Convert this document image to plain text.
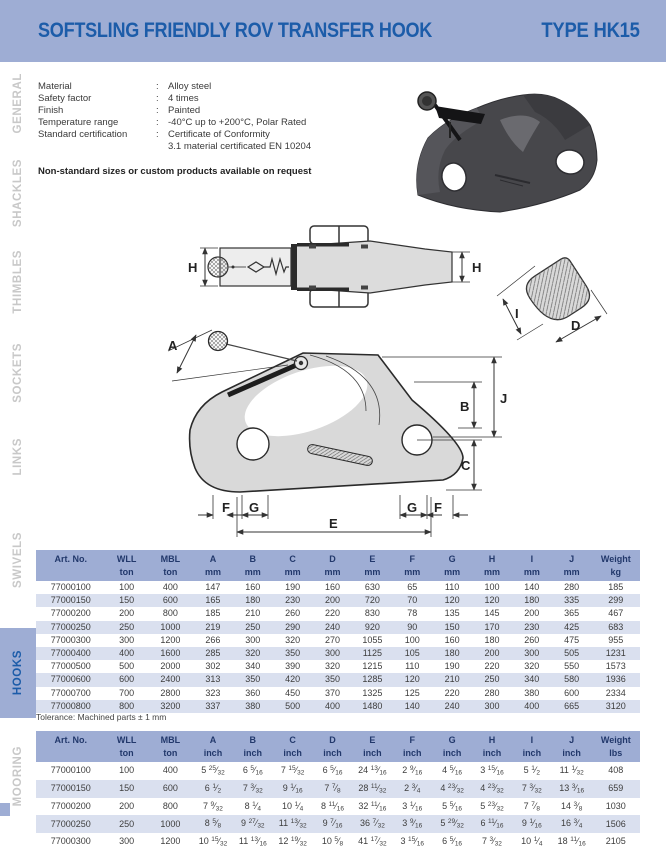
SOFTSLING FRIENDLY ROV TRANSFER HOOK	TYPE HK15
GENERAL
SHACKLES
THIMBLES
SOCKETS
LINKS
SWIVELS
HOOKS
MOORING
Material	: Alloy steel
Safety factor	: 4 times
Finish	: Painted
Temperature range	: -40°C up to +200°C, Polar Rated
Standard certification	: Certificate of Conformity
3.1 material certificated EN 10204
Non-standard sizes or custom products available on request
H	H
I
D
A
J
B
C
F G	G F
E
Art. No.	WLL	MBL	A	B	C	D	E	F	G	H	I	J	Weight
	ton	ton	mm	mm	mm	mm	mm	mm	mm	mm	mm	mm	kg
77000100	100	400	147	160	190	160	630	65	110	100	140	280	185
77000150	150	600	165	180	230	200	720	70	120	120	180	335	299
77000200	200	800	185	210	260	220	830	78	135	145	200	365	467
77000250	250	1000	219	250	290	240	920	90	150	170	230	425	683
77000300	300	1200	266	300	320	270	1055	100	160	180	260	475	955
77000400	400	1600	285	320	350	300	1125	105	180	200	300	505	1231
77000500	500	2000	302	340	390	320	1215	110	190	220	320	550	1573
77000600	600	2400	313	350	420	350	1285	120	210	250	340	580	1936
77000700	700	2800	323	360	450	370	1325	125	220	280	380	600	2334
77000800	800	3200	337	380	500	400	1480	140	240	300	400	665	3120
Tolerance: Machined parts ± 1 mm
Art. No.	WLL	MBL	A	B	C	D	E	F	G	H	I	J	Weight
	ton	ton	inch	inch	inch	inch	inch	inch	inch	inch	inch	inch	lbs
77000100	100	400	5 $^{25}⁄_{32}$	6 $^5⁄_{16}$	7 $^{15}⁄_{32}$	6 $^5⁄_{16}$	24 $^{13}⁄_{16}$	2 $^9⁄_{16}$	4 $^5⁄_{16}$	3 $^{15}⁄_{16}$	5 $^1⁄_2$	11 $^1⁄_{32}$	408
77000150	150	600	6 $^1⁄_2$	7 $^3⁄_{32}$	9 $^1⁄_{16}$	7 $^7⁄_8$	28 $^{11}⁄_{32}$	2 $^3⁄_4$	4 $^{23}⁄_{32}$	4 $^{23}⁄_{32}$	7 $^3⁄_{32}$	13 $^3⁄_{16}$	659
77000200	200	800	7 $^9⁄_{32}$	8 $^1⁄_4$	10 $^1⁄_4$	8 $^{11}⁄_{16}$	32 $^{11}⁄_{16}$	3 $^1⁄_{16}$	5 $^5⁄_{16}$	5 $^{23}⁄_{32}$	7 $^7⁄_8$	14 $^3⁄_8$	1030
77000250	250	1000	8 $^5⁄_8$	9 $^{27}⁄_{32}$	11 $^{13}⁄_{32}$	9 $^7⁄_{16}$	36 $^7⁄_{32}$	3 $^9⁄_{16}$	5 $^{29}⁄_{32}$	6 $^{11}⁄_{16}$	9 $^1⁄_{16}$	16 $^3⁄_4$	1506
77000300	300	1200	10 $^{15}⁄_{32}$	11 $^{13}⁄_{16}$	12 $^{19}⁄_{32}$	10 $^5⁄_8$	41 $^{17}⁄_{32}$	3 $^{15}⁄_{16}$	6 $^5⁄_{16}$	7 $^3⁄_{32}$	10 $^1⁄_4$	18 $^{11}⁄_{16}$	2105
